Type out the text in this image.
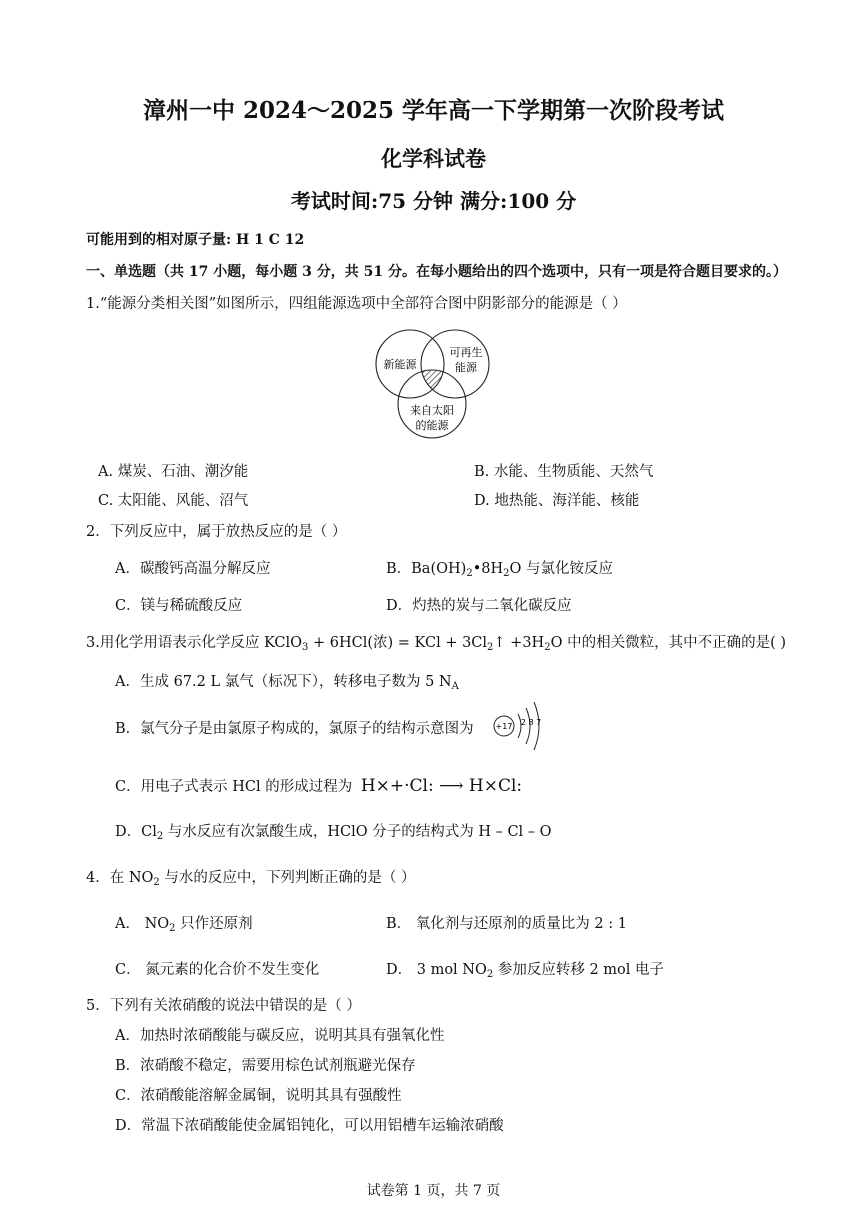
漳州一中 2024～2025 学年高一下学期第一次阶段考试
化学科试卷
考试时间:75 分钟 满分:100 分
可能用到的相对原子量: H 1 C 12
一、单选题（共 17 小题，每小题 3 分，共 51 分。在每小题给出的四个选项中，只有一项是符合题目要求的。）
1.“能源分类相关图”如图所示，四组能源选项中全部符合图中阴影部分的能源是（ ）
新能源
可再生
能源
来自太阳
的能源
A. 煤炭、石油、潮汐能	B. 水能、生物质能、天然气
C. 太阳能、风能、沼气	D. 地热能、海洋能、核能
2．下列反应中，属于放热反应的是（ ）
A．碳酸钙高温分解反应	B．$Ba(OH)_2•8H_2O$ 与氯化铵反应
C．镁与稀硫酸反应	D．灼热的炭与二氧化碳反应
3.用化学用语表示化学反应 KClO$_3$ + 6HCl(浓) = KCl + $3Cl_2↑ +3H_2O$ 中的相关微粒，其中不正确的是( )
A．生成 67.2 L 氯气（标况下），转移电子数为 5 $N_A$
B．氯气分子是由氯原子构成的，氯原子的结构示意图为	+17 2 8 7
C．用电子式表示 HCl 的形成过程为 H×+·Cl: ⟶ H×Cl:
D．$Cl_2$ 与水反应有次氯酸生成，HClO 分子的结构式为 H – Cl – O
4．在 $NO_2$ 与水的反应中，下列判断正确的是（ ）
A． $NO_2$ 只作还原剂	B． 氧化剂与还原剂的质量比为 2 : 1
C． 氮元素的化合价不发生变化	D． 3 mol $NO_2$ 参加反应转移 2 mol 电子
5．下列有关浓硝酸的说法中错误的是（ ）
A．加热时浓硝酸能与碳反应，说明其具有强氧化性
B．浓硝酸不稳定，需要用棕色试剂瓶避光保存
C．浓硝酸能溶解金属铜，说明其具有强酸性
D．常温下浓硝酸能使金属铝钝化，可以用铝槽车运输浓硝酸
试卷第 1 页，共 7 页
